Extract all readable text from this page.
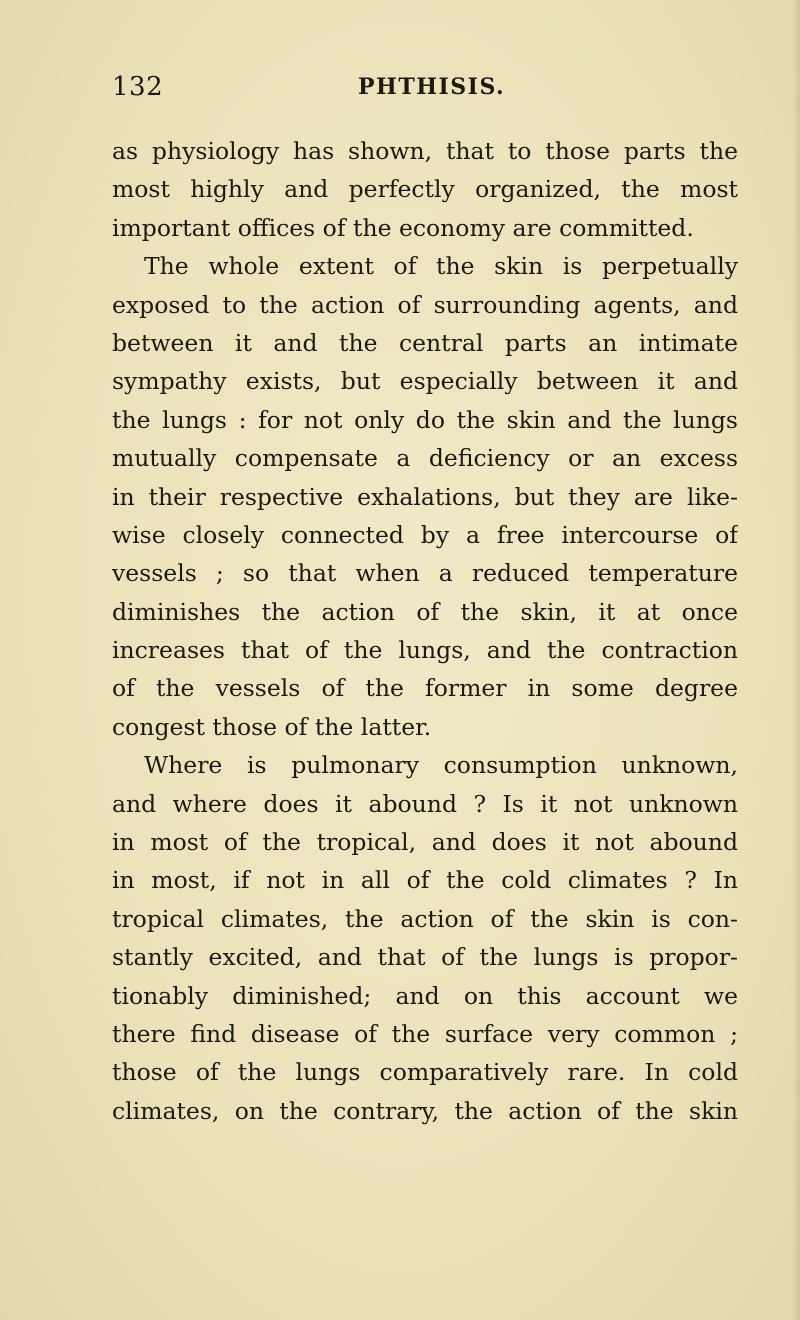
132	PHTHISIS.
as physiology has shown, that to those parts the
most highly and perfectly organized, the most
important offices of the economy are committed.
The whole extent of the skin is perpetually
exposed to the action of surrounding agents, and
between it and the central parts an intimate
sympathy exists, but especially between it and
the lungs : for not only do the skin and the lungs
mutually compensate a deficiency or an excess
in their respective exhalations, but they are like-
wise closely connected by a free intercourse of
vessels ; so that when a reduced temperature
diminishes the action of the skin, it at once
increases that of the lungs, and the contraction
of the vessels of the former in some degree
congest those of the latter.
Where is pulmonary consumption unknown,
and where does it abound ? Is it not unknown
in most of the tropical, and does it not abound
in most, if not in all of the cold climates ? In
tropical climates, the action of the skin is con-
stantly excited, and that of the lungs is propor-
tionably diminished; and on this account we
there find disease of the surface very common ;
those of the lungs comparatively rare. In cold
climates, on the contrary, the action of the skin
